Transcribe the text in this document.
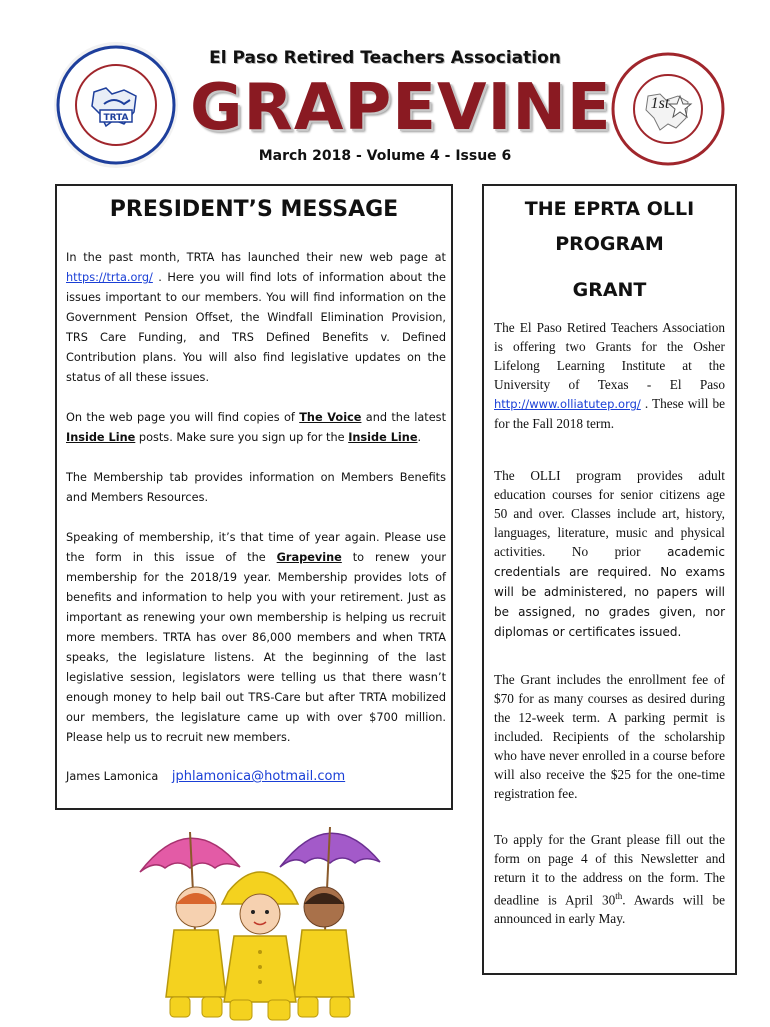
TRTA
1st
El Paso Retired Teachers Association
GRAPEVINE
March 2018 - Volume 4 - Issue 6
PRESIDENT’S MESSAGE
In the past month, TRTA has launched their new web page at https://trta.org/ . Here you will find lots of information about the issues important to our members. You will find information on the Government Pension Offset, the Windfall Elimination Provision, TRS Care Funding, and TRS Defined Benefits v. Defined Contribution plans. You will also find legislative updates on the status of all these issues.
On the web page you will find copies of The Voice and the latest Inside Line posts. Make sure you sign up for the Inside Line.
The Membership tab provides information on Members Benefits and Members Resources.
Speaking of membership, it’s that time of year again. Please use the form in this issue of the Grapevine to renew your membership for the 2018/19 year. Membership provides lots of benefits and information to help you with your retirement. Just as important as renewing your own membership is helping us recruit more members. TRTA has over 86,000 members and when TRTA speaks, the legislature listens. At the beginning of the last legislative session, legislators were telling us that there wasn’t enough money to help bail out TRS-Care but after TRTA mobilized our members, the legislature came up with over $700 million. Please help us to recruit new members.
James Lamonica jphlamonica@hotmail.com
THE EPRTA OLLI
PROGRAM
GRANT
The El Paso Retired Teachers Association is offering two Grants for the Osher Lifelong Learning Institute at the University of Texas - El Paso http://www.olliatutep.org/ . These will be for the Fall 2018 term.
The OLLI program provides adult education courses for senior citizens age 50 and over. Classes include art, history, languages, literature, music and physical activities. No prior academic credentials are required. No exams will be administered, no papers will be assigned, no grades given, nor diplomas or certificates issued.
The Grant includes the enrollment fee of $70 for as many courses as desired during the 12-week term. A parking permit is included. Recipients of the scholarship who have never enrolled in a course before will also receive the $25 for the one-time registration fee.
To apply for the Grant please fill out the form on page 4 of this Newsletter and return it to the address on the form. The deadline is April 30th. Awards will be announced in early May.
